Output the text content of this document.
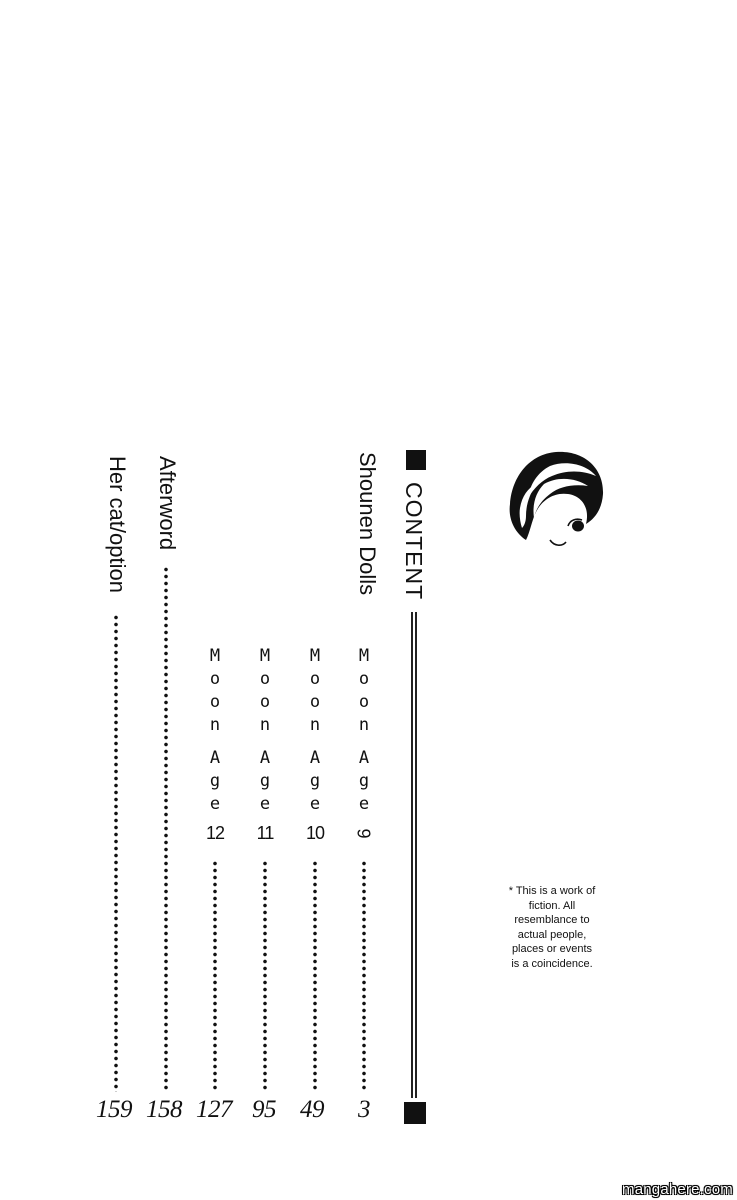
CONTENT
Shounen Dolls
M
o
o
n
A
g
e
9
M
o
o
n
A
g
e
10
M
o
o
n
A
g
e
11
M
o
o
n
A
g
e
12
Afterword
Her cat/option
159 158 127 95 49 3
* This is a work of fiction. All resemblance to actual people, places or events is a coincidence.
mangahere.com
